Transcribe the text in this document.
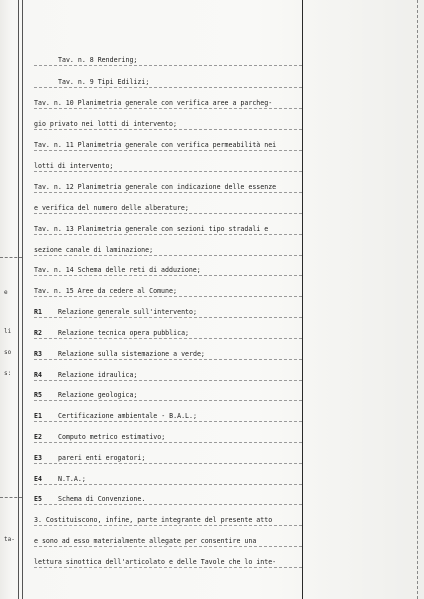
e
li
so
s:
ta-
Tav. n. 8 Rendering;
Tav. n. 9 Tipi Edilizi;
Tav. n. 10 Planimetria generale con verifica aree a parcheg-
gio privato nei lotti di intervento;
Tav. n. 11 Planimetria generale con verifica permeabilità nei
lotti di intervento;
Tav. n. 12 Planimetria generale con indicazione delle essenze
e verifica del numero delle alberature;
Tav. n. 13 Planimetria generale con sezioni tipo stradali e
sezione canale di laminazione;
Tav. n. 14 Schema delle reti di adduzione;
Tav. n. 15 Aree da cedere al Comune;
R1 Relazione generale sull'intervento;
R2 Relazione tecnica opera pubblica;
R3 Relazione sulla sistemazione a verde;
R4 Relazione idraulica;
R5 Relazione geologica;
E1 Certificazione ambientale - B.A.L.;
E2 Computo metrico estimativo;
E3 pareri enti erogatori;
E4 N.T.A.;
E5 Schema di Convenzione.
3. Costituiscono, infine, parte integrante del presente atto
e sono ad esso materialmente allegate per consentire una
lettura sinottica dell'articolato e delle Tavole che lo inte-
